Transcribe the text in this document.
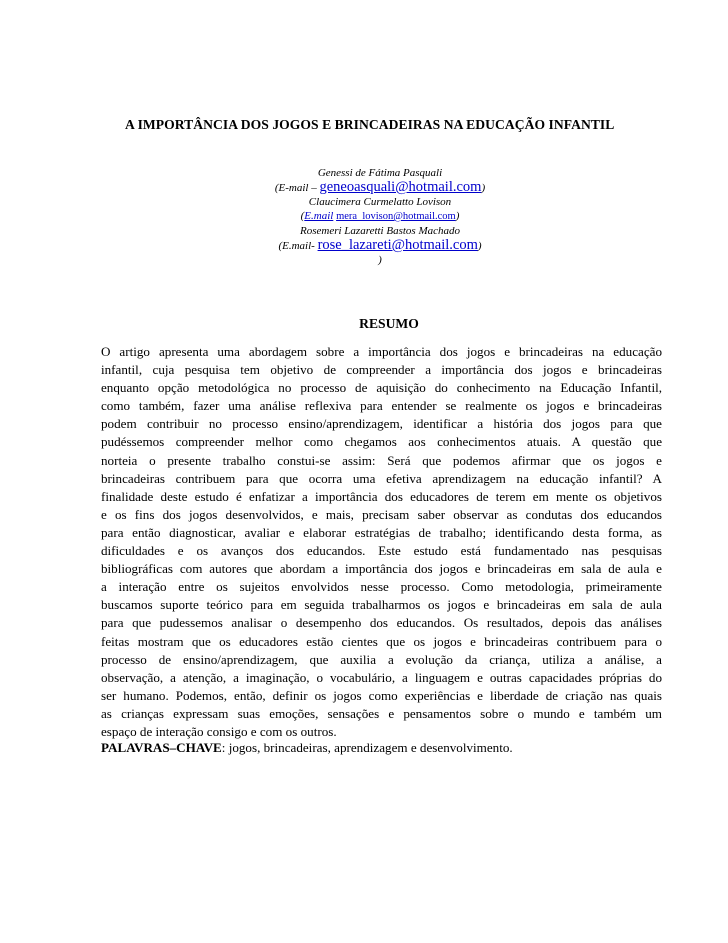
A IMPORTÂNCIA DOS JOGOS E BRINCADEIRAS NA EDUCAÇÃO INFANTIL
Genessi de Fátima Pasquali
(E-mail – geneoasquali@hotmail.com)
Claucimera Curmelatto Lovison
(E.mail mera_lovison@hotmail.com)
Rosemeri Lazaretti Bastos Machado
(E.mail- rose_lazareti@hotmail.com)
)
RESUMO
O artigo apresenta uma abordagem sobre a importância dos jogos e brincadeiras na educação
infantil, cuja pesquisa tem objetivo de compreender a importância dos jogos e brincadeiras
enquanto opção metodológica no processo de aquisição do conhecimento na Educação Infantil,
como também, fazer uma análise reflexiva para entender se realmente os jogos e brincadeiras
podem contribuir no processo ensino/aprendizagem, identificar a história dos jogos para que
pudéssemos compreender melhor como chegamos aos conhecimentos atuais. A questão que
norteia o presente trabalho constui-se assim: Será que podemos afirmar que os jogos e
brincadeiras contribuem para que ocorra uma efetiva aprendizagem na educação infantil? A
finalidade deste estudo é enfatizar a importância dos educadores de terem em mente os objetivos
e os fins dos jogos desenvolvidos, e mais, precisam saber observar as condutas dos educandos
para então diagnosticar, avaliar e elaborar estratégias de trabalho; identificando desta forma, as
dificuldades e os avanços dos educandos. Este estudo está fundamentado nas pesquisas
bibliográficas com autores que abordam a importância dos jogos e brincadeiras em sala de aula e
a interação entre os sujeitos envolvidos nesse processo. Como metodologia, primeiramente
buscamos suporte teórico para em seguida trabalharmos os jogos e brincadeiras em sala de aula
para que pudessemos analisar o desempenho dos educandos. Os resultados, depois das análises
feitas mostram que os educadores estão cientes que os jogos e brincadeiras contribuem para o
processo de ensino/aprendizagem, que auxilia a evolução da criança, utiliza a análise, a
observação, a atenção, a imaginação, o vocabulário, a linguagem e outras capacidades próprias do
ser humano. Podemos, então, definir os jogos como experiências e liberdade de criação nas quais
as crianças expressam suas emoções, sensações e pensamentos sobre o mundo e também um
espaço de interação consigo e com os outros.
PALAVRAS–CHAVE: jogos, brincadeiras, aprendizagem e desenvolvimento.
